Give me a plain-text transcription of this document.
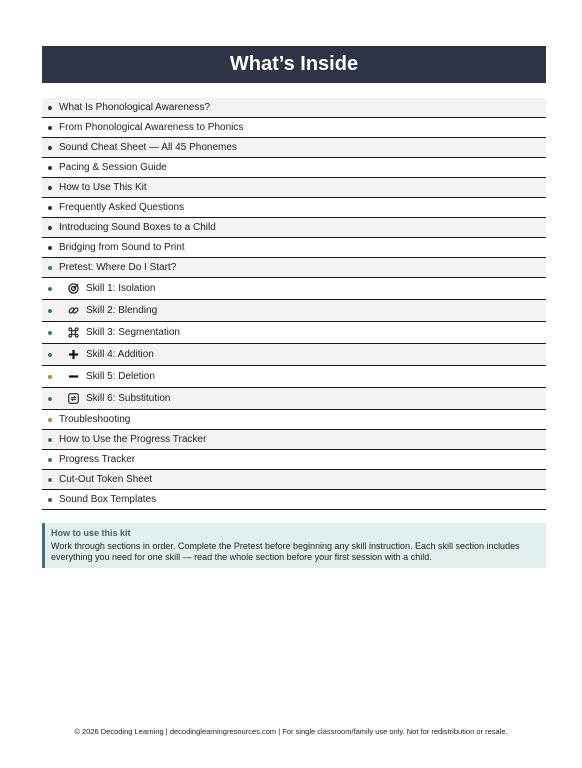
What’s Inside
What Is Phonological Awareness?
From Phonological Awareness to Phonics
Sound Cheat Sheet — All 45 Phonemes
Pacing & Session Guide
How to Use This Kit
Frequently Asked Questions
Introducing Sound Boxes to a Child
Bridging from Sound to Print
Pretest: Where Do I Start?
Skill 1: Isolation
Skill 2: Blending
Skill 3: Segmentation
Skill 4: Addition
Skill 5: Deletion
Skill 6: Substitution
Troubleshooting
How to Use the Progress Tracker
Progress Tracker
Cut-Out Token Sheet
Sound Box Templates
How to use this kit
Work through sections in order. Complete the Pretest before beginning any skill instruction. Each skill section includes everything you need for one skill — read the whole section before your first session with a child.
© 2026 Decoding Learning | decodinglearningresources.com | For single classroom/family use only. Not for redistribution or resale.
